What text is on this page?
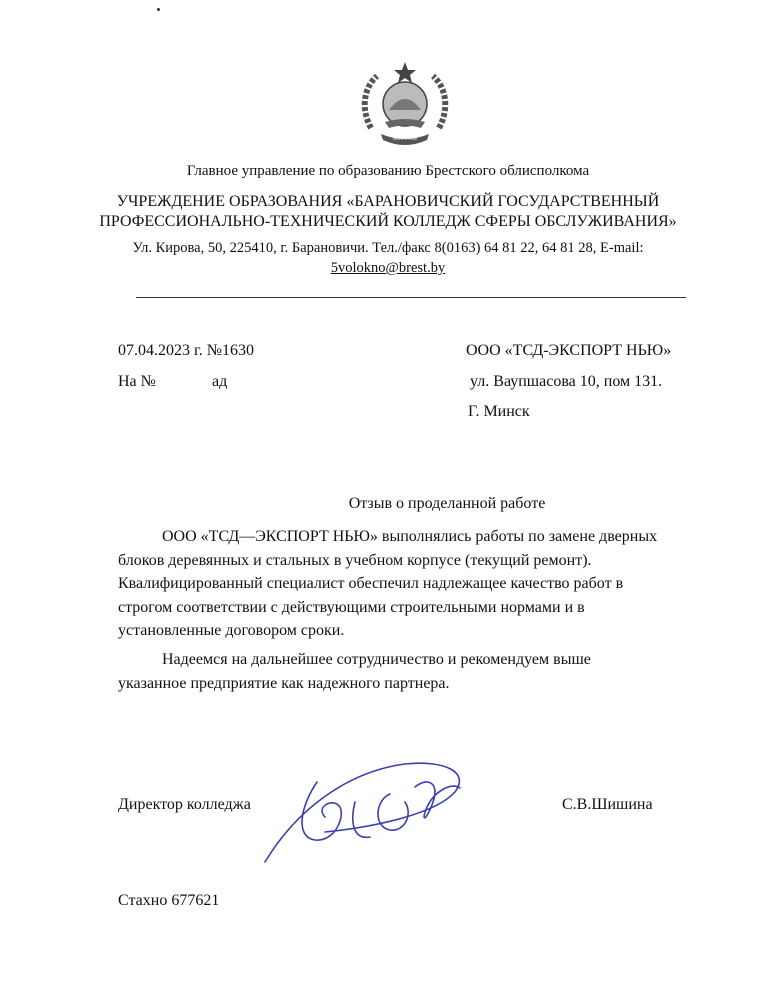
БЕЛАРУСЬ
Главное управление по образованию Брестского облисполкома
УЧРЕЖДЕНИЕ ОБРАЗОВАНИЯ «БАРАНОВИЧСКИЙ ГОСУДАРСТВЕННЫЙ
ПРОФЕССИОНАЛЬНО-ТЕХНИЧЕСКИЙ КОЛЛЕДЖ СФЕРЫ ОБСЛУЖИВАНИЯ»
Ул. Кирова, 50, 225410, г. Барановичи. Тел./факс 8(0163) 64 81 22, 64 81 28, E-mail:
5volokno@brest.by
07.04.2023 г. №1630
На №	ад
ООО «ТСД-ЭКСПОРТ НЬЮ»
ул. Ваупшасова 10, пом 131.
Г. Минск
Отзыв о проделанной работе
ООО «ТСД—ЭКСПОРТ НЬЮ» выполнялись работы по замене дверных блоков деревянных и стальных в учебном корпусе (текущий ремонт). Квалифицированный специалист обеспечил надлежащее качество работ в строгом соответствии с действующими строительными нормами и в установленные договором сроки.
Надеемся на дальнейшее сотрудничество и рекомендуем выше указанное предприятие как надежного партнера.
Директор колледжа	С.В.Шишина
Стахно 677621
